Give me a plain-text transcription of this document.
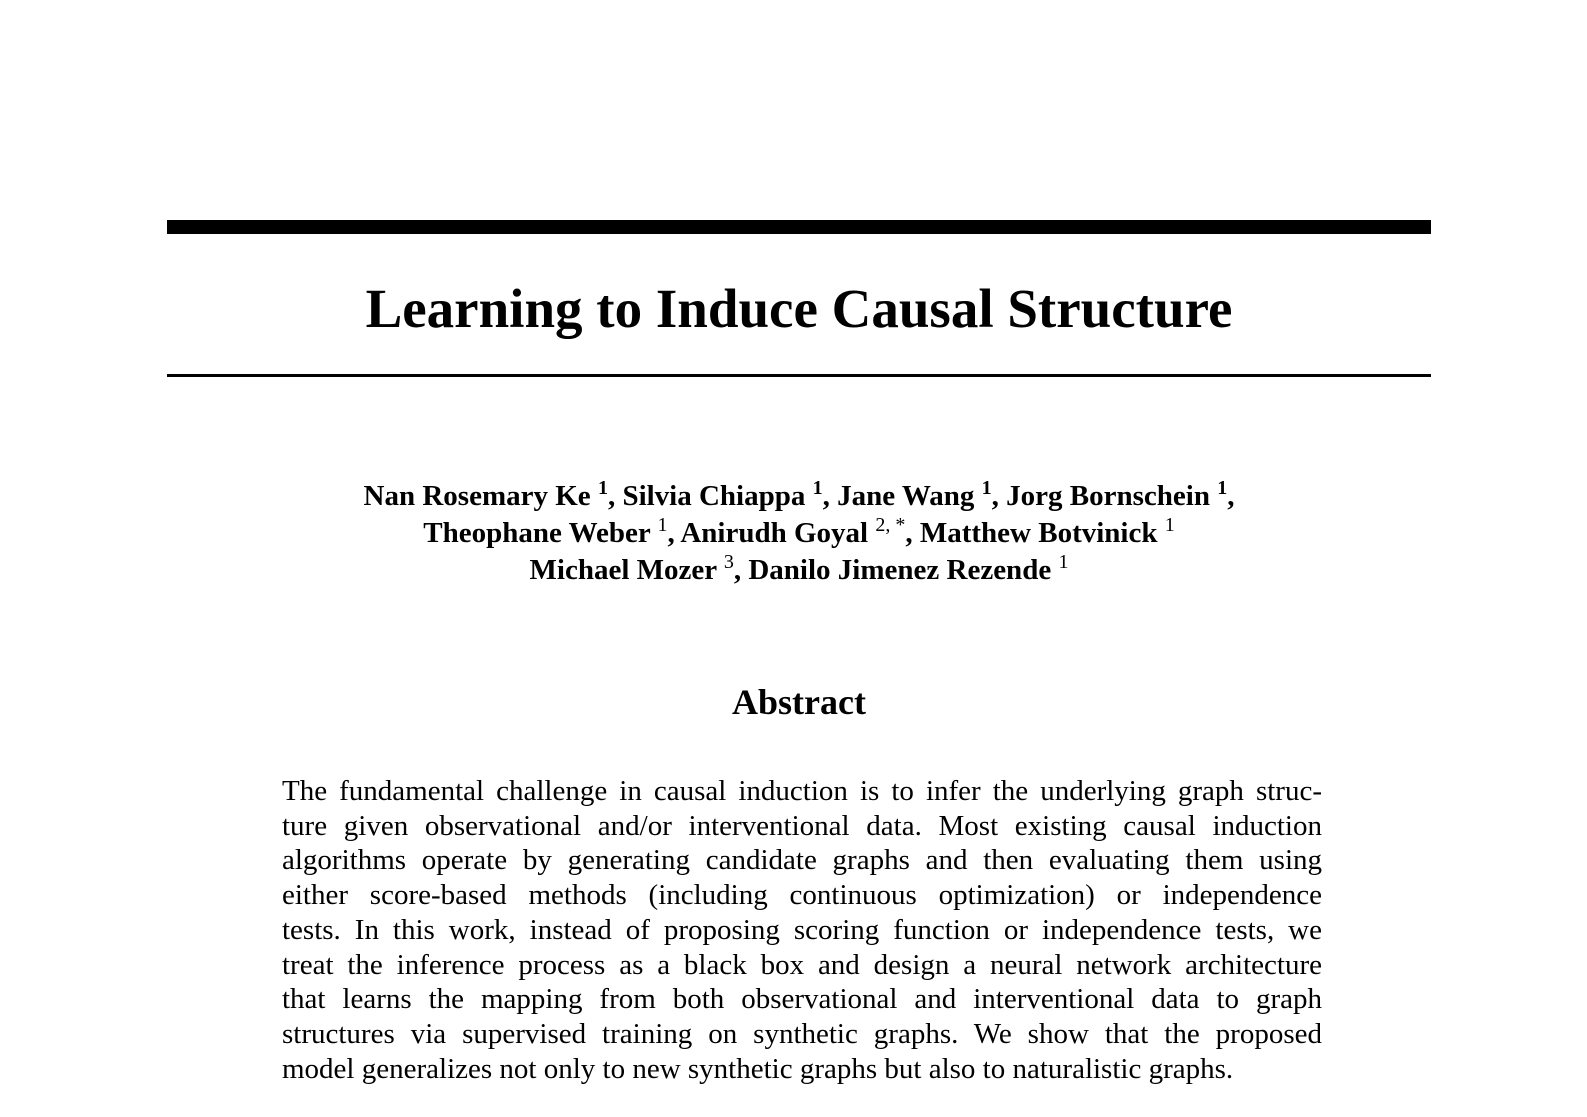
Learning to Induce Causal Structure
Nan Rosemary Ke $^1$, Silvia Chiappa $^1$, Jane Wang $^1$, Jorg Bornschein $^1$,
Theophane Weber $^1$, Anirudh Goyal $^{2, *}$, Matthew Botvinick $^1$
Michael Mozer $^3$, Danilo Jimenez Rezende $^1$
Abstract
The fundamental challenge in causal induction is to infer the underlying graph struc-
ture given observational and/or interventional data. Most existing causal induction
algorithms operate by generating candidate graphs and then evaluating them using
either score-based methods (including continuous optimization) or independence
tests. In this work, instead of proposing scoring function or independence tests, we
treat the inference process as a black box and design a neural network architecture
that learns the mapping from both observational and interventional data to graph
structures via supervised training on synthetic graphs. We show that the proposed
model generalizes not only to new synthetic graphs but also to naturalistic graphs.
